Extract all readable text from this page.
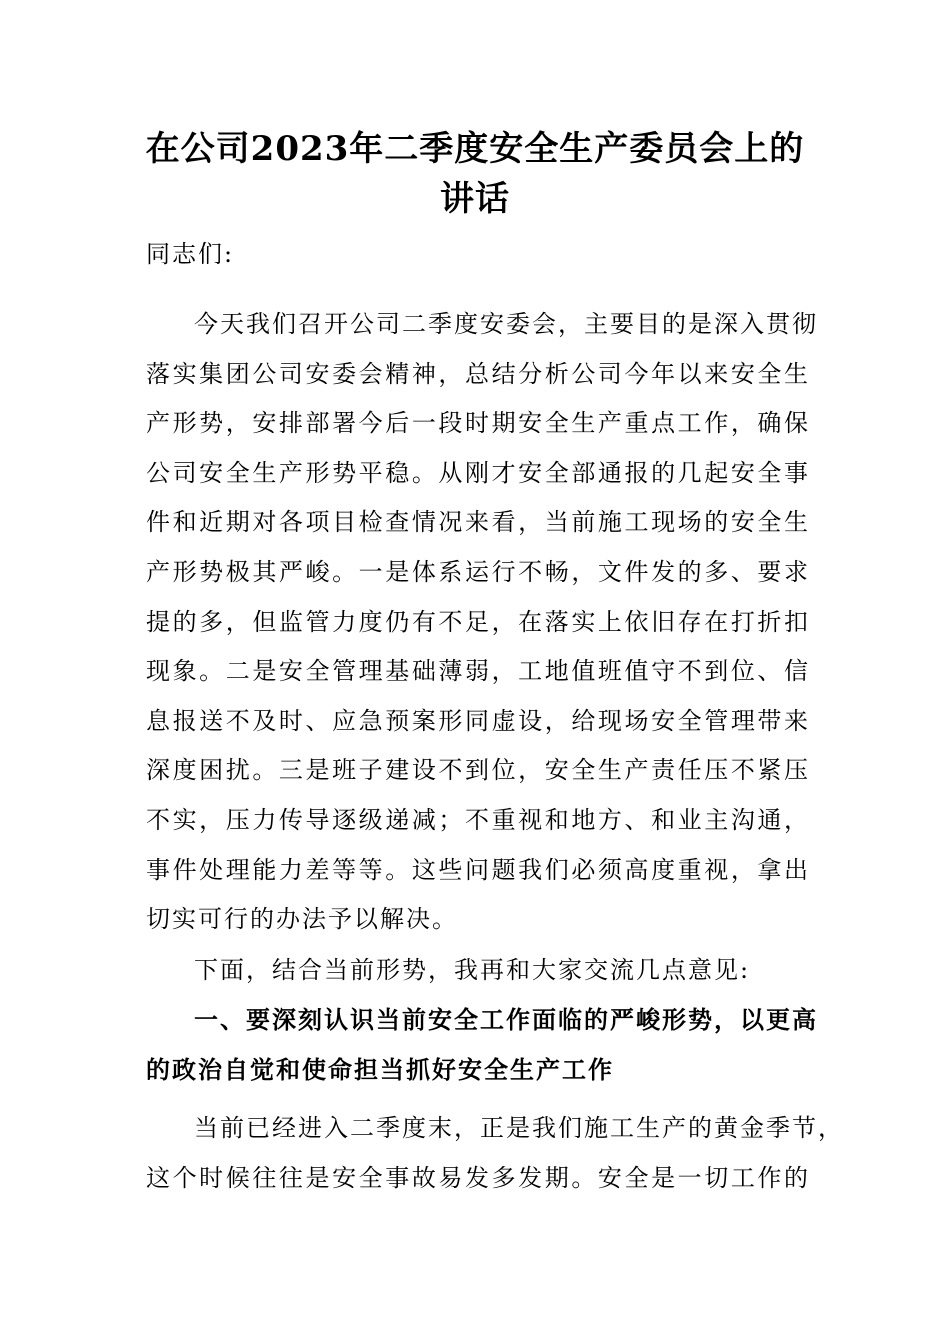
在公司2023年二季度安全生产委员会上的
讲话
同志们:
今天我们召开公司二季度安委会，主要目的是深入贯彻
落实集团公司安委会精神，总结分析公司今年以来安全生
产形势，安排部署今后一段时期安全生产重点工作，确保
公司安全生产形势平稳。从刚才安全部通报的几起安全事
件和近期对各项目检查情况来看，当前施工现场的安全生
产形势极其严峻。一是体系运行不畅，文件发的多、要求
提的多，但监管力度仍有不足，在落实上依旧存在打折扣
现象。二是安全管理基础薄弱，工地值班值守不到位、信
息报送不及时、应急预案形同虚设，给现场安全管理带来
深度困扰。三是班子建设不到位，安全生产责任压不紧压
不实，压力传导逐级递减；不重视和地方、和业主沟通，
事件处理能力差等等。这些问题我们必须高度重视，拿出
切实可行的办法予以解决。
下面，结合当前形势，我再和大家交流几点意见:
一、要深刻认识当前安全工作面临的严峻形势，以更高
的政治自觉和使命担当抓好安全生产工作
当前已经进入二季度末，正是我们施工生产的黄金季节，
这个时候往往是安全事故易发多发期。安全是一切工作的
